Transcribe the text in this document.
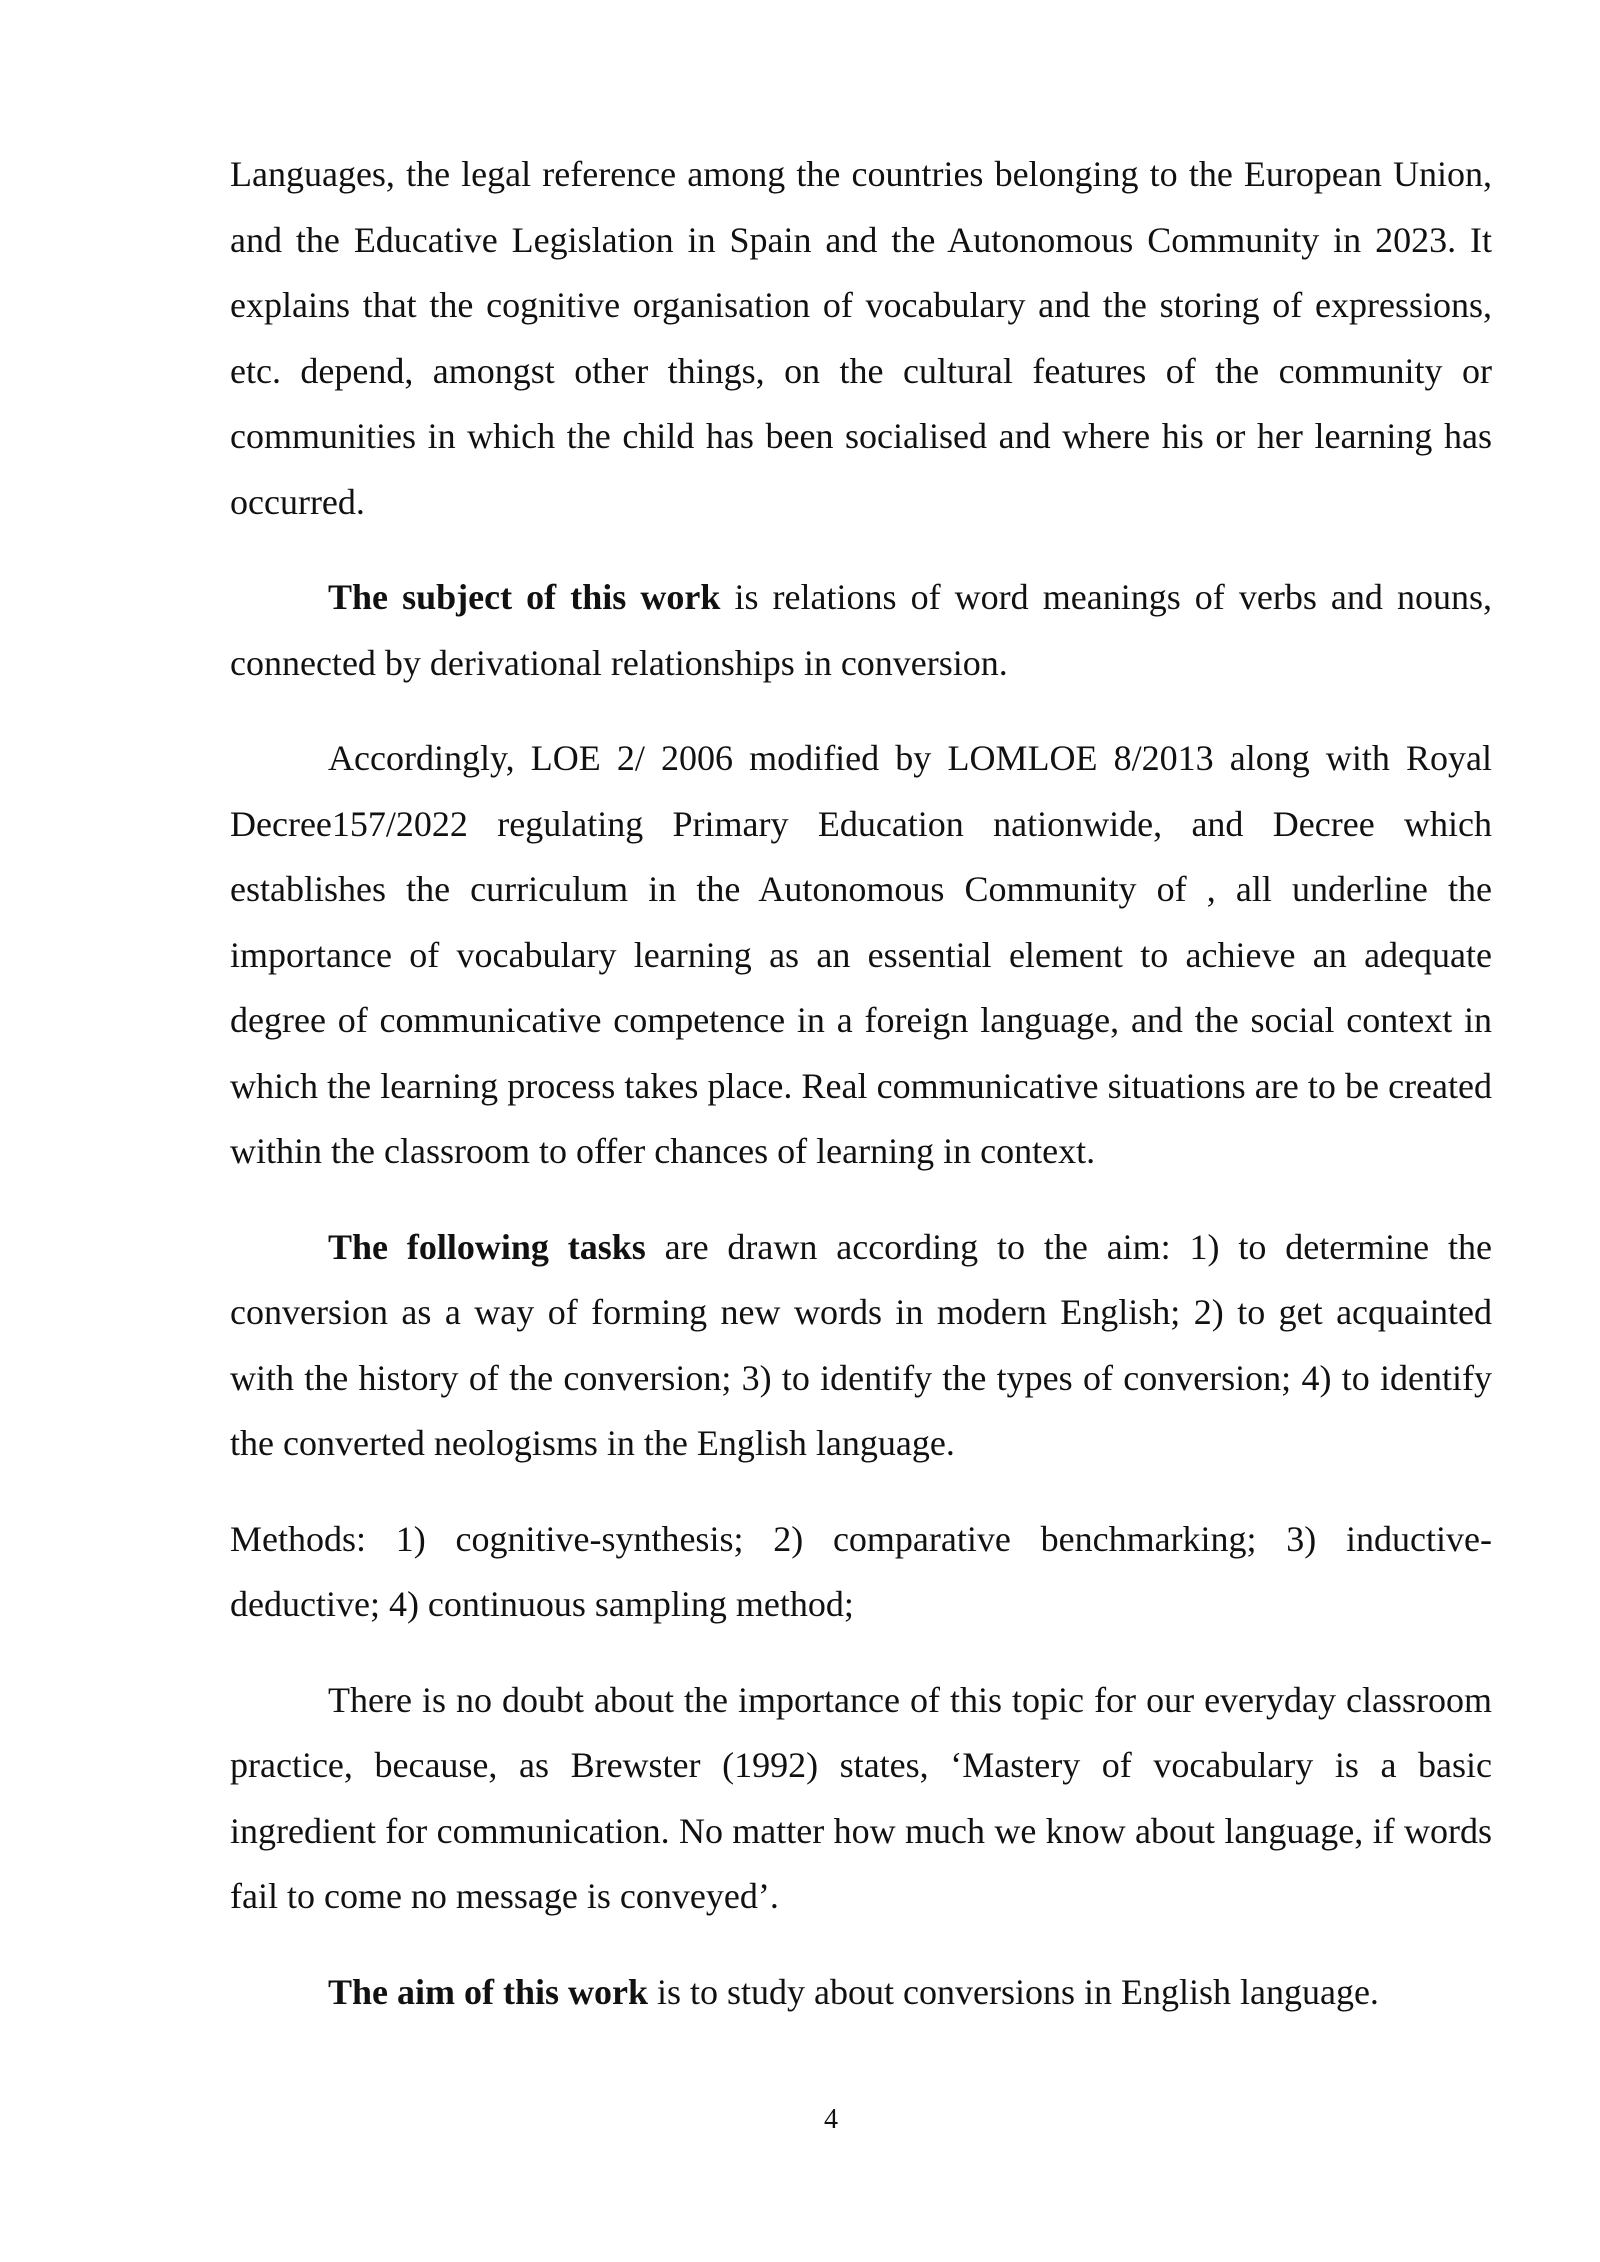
Languages, the legal reference among the countries belonging to the European Union, and the Educative Legislation in Spain and the Autonomous Community in 2023. It explains that the cognitive organisation of vocabulary and the storing of expressions, etc. depend, amongst other things, on the cultural features of the community or communities in which the child has been socialised and where his or her learning has occurred.

The subject of this work is relations of word meanings of verbs and nouns, connected by derivational relationships in conversion.

Accordingly, LOE 2/ 2006 modified by LOMLOE 8/2013 along with Royal Decree157/2022 regulating Primary Education nationwide, and Decree which establishes the curriculum in the Autonomous Community of , all underline the importance of vocabulary learning as an essential element to achieve an adequate degree of communicative competence in a foreign language, and the social context in which the learning process takes place. Real communicative situations are to be created within the classroom to offer chances of learning in context.

The following tasks are drawn according to the aim: 1) to determine the conversion as a way of forming new words in modern English; 2) to get acquainted with the history of the conversion; 3) to identify the types of conversion; 4) to identify the converted neologisms in the English language.

Methods: 1) cognitive-synthesis; 2) comparative benchmarking; 3) inductive-deductive; 4) continuous sampling method;

There is no doubt about the importance of this topic for our everyday classroom practice, because, as Brewster (1992) states, ‘Mastery of vocabulary is a basic ingredient for communication. No matter how much we know about language, if words fail to come no message is conveyed’.

The aim of this work is to study about conversions in English language.

4
